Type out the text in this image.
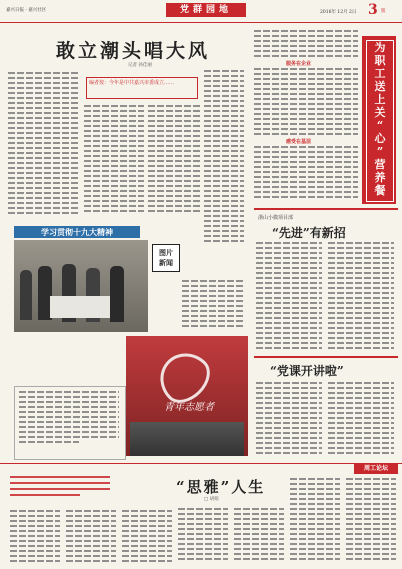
嘉兴日报 · 嘉兴社区	党群园地	2016年 12月 2日 3 版
敢立潮头唱大风
记者 孙佳丽
编者按：今年是中共嘉兴市委成立……
学习贯彻十九大精神
图片
新闻
青年志愿者
为
职
工
送
上
关
“
心
”
营
养
餐
服务在企业
感受在基层
浙山小微项目部
“先进”有新招
“党课开讲啦”
周工论坛
“思雅”人生
□ 胡娟
